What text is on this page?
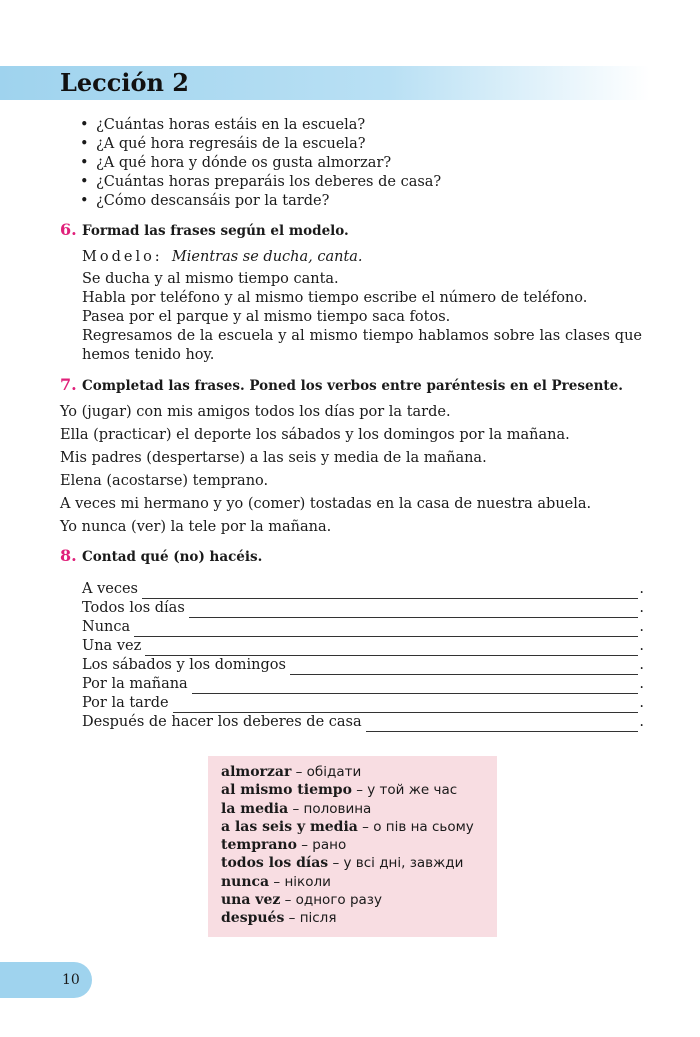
Lección 2
• ¿Cuántas horas estáis en la escuela?
• ¿A qué hora regresáis de la escuela?
• ¿A qué hora y dónde os gusta almorzar?
• ¿Cuántas horas preparáis los deberes de casa?
• ¿Cómo descansáis por la tarde?
6. Formad las frases según el modelo.
Modelo: Mientras se ducha, canta.
Se ducha y al mismo tiempo canta.
Habla por teléfono y al mismo tiempo escribe el número de teléfono.
Pasea por el parque y al mismo tiempo saca fotos.
Regresamos de la escuela y al mismo tiempo hablamos sobre las clases que
hemos tenido hoy.
7. Completad las frases. Poned los verbos entre paréntesis en el Presente.
Yo (jugar) con mis amigos todos los días por la tarde.
Ella (practicar) el deporte los sábados y los domingos por la mañana.
Mis padres (despertarse) a las seis y media de la mañana.
Elena (acostarse) temprano.
A veces mi hermano y yo (comer) tostadas en la casa de nuestra abuela.
Yo nunca (ver) la tele por la mañana.
8. Contad qué (no) hacéis.
A veces	.
Todos los días	.
Nunca	.
Una vez	.
Los sábados y los domingos	.
Por la mañana	.
Por la tarde	.
Después de hacer los deberes de casa	.
almorzar – обідати
al mismo tiempo – у той же час
la media – половина
a las seis y media – о пів на сьому
temprano – рано
todos los días – у всі дні, завжди
nunca – ніколи
una vez – одного разу
después – після
10
